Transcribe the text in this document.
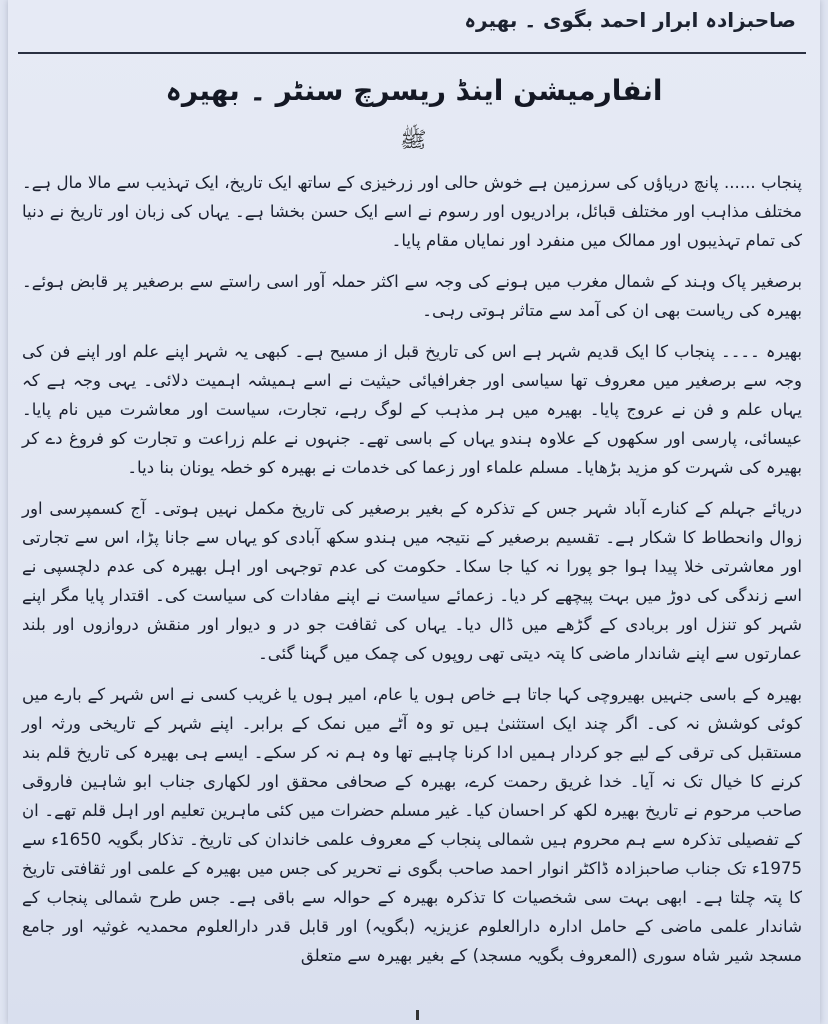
صاحبزادہ ابرار احمد بگوی ۔ بھیرہ
انفارمیشن اینڈ ریسرچ سنٹر ۔ بھیرہ
ﷺ

پنجاب ...... پانچ دریاؤں کی سرزمین ہے خوش حالی اور زرخیزی کے ساتھ ایک تاریخ، ایک تہذیب سے مالا مال ہے۔ مختلف مذاہب اور مختلف قبائل، برادریوں اور رسوم نے اسے ایک حسن بخشا ہے۔ یہاں کی زبان اور تاریخ نے دنیا کی تمام تہذیبوں اور ممالک میں منفرد اور نمایاں مقام پایا۔

برصغیر پاک وہند کے شمال مغرب میں ہونے کی وجہ سے اکثر حملہ آور اسی راستے سے برصغیر پر قابض ہوئے۔ بھیرہ کی ریاست بھی ان کی آمد سے متاثر ہوتی رہی۔

بھیرہ ۔۔۔۔ پنجاب کا ایک قدیم شہر ہے اس کی تاریخ قبل از مسیح ہے۔ کبھی یہ شہر اپنے علم اور اپنے فن کی وجہ سے برصغیر میں معروف تھا سیاسی اور جغرافیائی حیثیت نے اسے ہمیشہ اہمیت دلائی۔ یہی وجہ ہے کہ یہاں علم و فن نے عروج پایا۔ بھیرہ میں ہر مذہب کے لوگ رہے، تجارت، سیاست اور معاشرت میں نام پایا۔ عیسائی، پارسی اور سکھوں کے علاوہ ہندو یہاں کے باسی تھے۔ جنہوں نے علم زراعت و تجارت کو فروغ دے کر بھیرہ کی شہرت کو مزید بڑھایا۔ مسلم علماء اور زعما کی خدمات نے بھیرہ کو خطہ یونان بنا دیا۔

دریائے جہلم کے کنارے آباد شہر جس کے تذکرہ کے بغیر برصغیر کی تاریخ مکمل نہیں ہوتی۔ آج کسمپرسی اور زوال وانحطاط کا شکار ہے۔ تقسیم برصغیر کے نتیجہ میں ہندو سکھ آبادی کو یہاں سے جانا پڑا، اس سے تجارتی اور معاشرتی خلا پیدا ہوا جو پورا نہ کیا جا سکا۔ حکومت کی عدم توجہی اور اہل بھیرہ کی عدم دلچسپی نے اسے زندگی کی دوڑ میں بہت پیچھے کر دیا۔ زعمائے سیاست نے اپنے مفادات کی سیاست کی۔ اقتدار پایا مگر اپنے شہر کو تنزل اور بربادی کے گڑھے میں ڈال دیا۔ یہاں کی ثقافت جو در و دیوار اور منقش دروازوں اور بلند عمارتوں سے اپنے شاندار ماضی کا پتہ دیتی تھی روپوں کی چمک میں گہنا گئی۔

بھیرہ کے باسی جنہیں بھیروچی کہا جاتا ہے خاص ہوں یا عام، امیر ہوں یا غریب کسی نے اس شہر کے بارے میں کوئی کوشش نہ کی۔ اگر چند ایک استثنیٰ ہیں تو وہ آٹے میں نمک کے برابر۔ اپنے شہر کے تاریخی ورثہ اور مستقبل کی ترقی کے لیے جو کردار ہمیں ادا کرنا چاہیے تھا وہ ہم نہ کر سکے۔ ایسے ہی بھیرہ کی تاریخ قلم بند کرنے کا خیال تک نہ آیا۔ خدا غریق رحمت کرے، بھیرہ کے صحافی محقق اور لکھاری جناب ابو شاہین فاروقی صاحب مرحوم نے تاریخ بھیرہ لکھ کر احسان کیا۔ غیر مسلم حضرات میں کئی ماہرین تعلیم اور اہل قلم تھے۔ ان کے تفصیلی تذکرہ سے ہم محروم ہیں شمالی پنجاب کے معروف علمی خاندان کی تاریخ۔ تذکار بگویہ 1650ء سے 1975ء تک جناب صاحبزادہ ڈاکٹر انوار احمد صاحب بگوی نے تحریر کی جس میں بھیرہ کے علمی اور ثقافتی تاریخ کا پتہ چلتا ہے۔ ابھی بہت سی شخصیات کا تذکرہ بھیرہ کے حوالہ سے باقی ہے۔ جس طرح شمالی پنجاب کے شاندار علمی ماضی کے حامل ادارہ دارالعلوم عزیزیہ (بگویہ) اور قابل قدر دارالعلوم محمدیہ غوثیہ اور جامع مسجد شیر شاہ سوری (المعروف بگویہ مسجد) کے بغیر بھیرہ سے متعلق
